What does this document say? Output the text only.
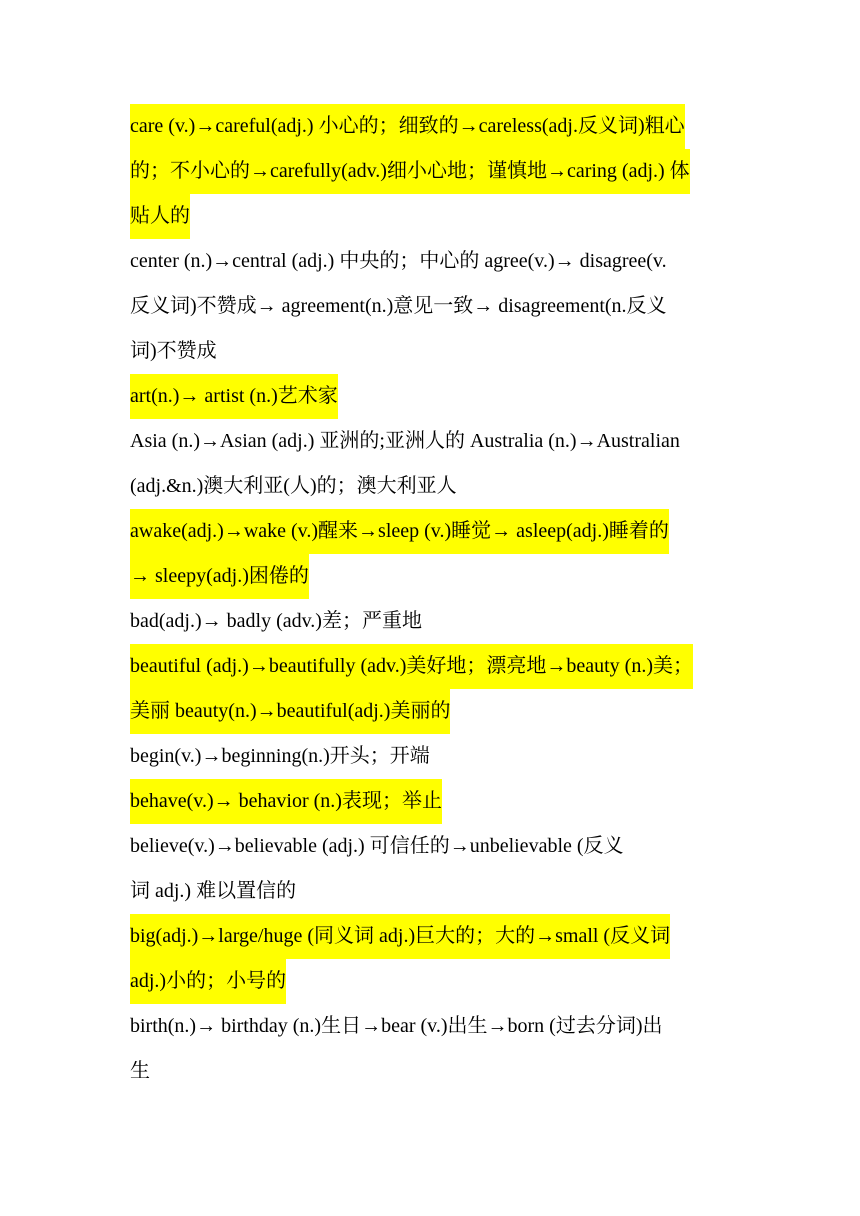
care (v.)→careful(adj.) 小心的；细致的→careless(adj.反义词)粗心
的；不小心的→carefully(adv.)细小心地；谨慎地→caring (adj.) 体
贴人的
center (n.)→central (adj.) 中央的；中心的 agree(v.)→ disagree(v.
反义词)不赞成→ agreement(n.)意见一致→ disagreement(n.反义
词)不赞成
art(n.)→ artist (n.)艺术家
Asia (n.)→Asian (adj.) 亚洲的;亚洲人的 Australia (n.)→Australian
(adj.&n.)澳大利亚(人)的；澳大利亚人
awake(adj.)→wake (v.)醒来→sleep (v.)睡觉→ asleep(adj.)睡着的
→ sleepy(adj.)困倦的
bad(adj.)→ badly (adv.)差；严重地
beautiful (adj.)→beautifully (adv.)美好地；漂亮地→beauty (n.)美；
美丽 beauty(n.)→beautiful(adj.)美丽的
begin(v.)→beginning(n.)开头；开端
behave(v.)→ behavior (n.)表现；举止
believe(v.)→believable (adj.) 可信任的→unbelievable (反义
词 adj.) 难以置信的
big(adj.)→large/huge (同义词 adj.)巨大的；大的→small (反义词
adj.)小的；小号的
birth(n.)→ birthday (n.)生日→bear (v.)出生→born (过去分词)出
生
